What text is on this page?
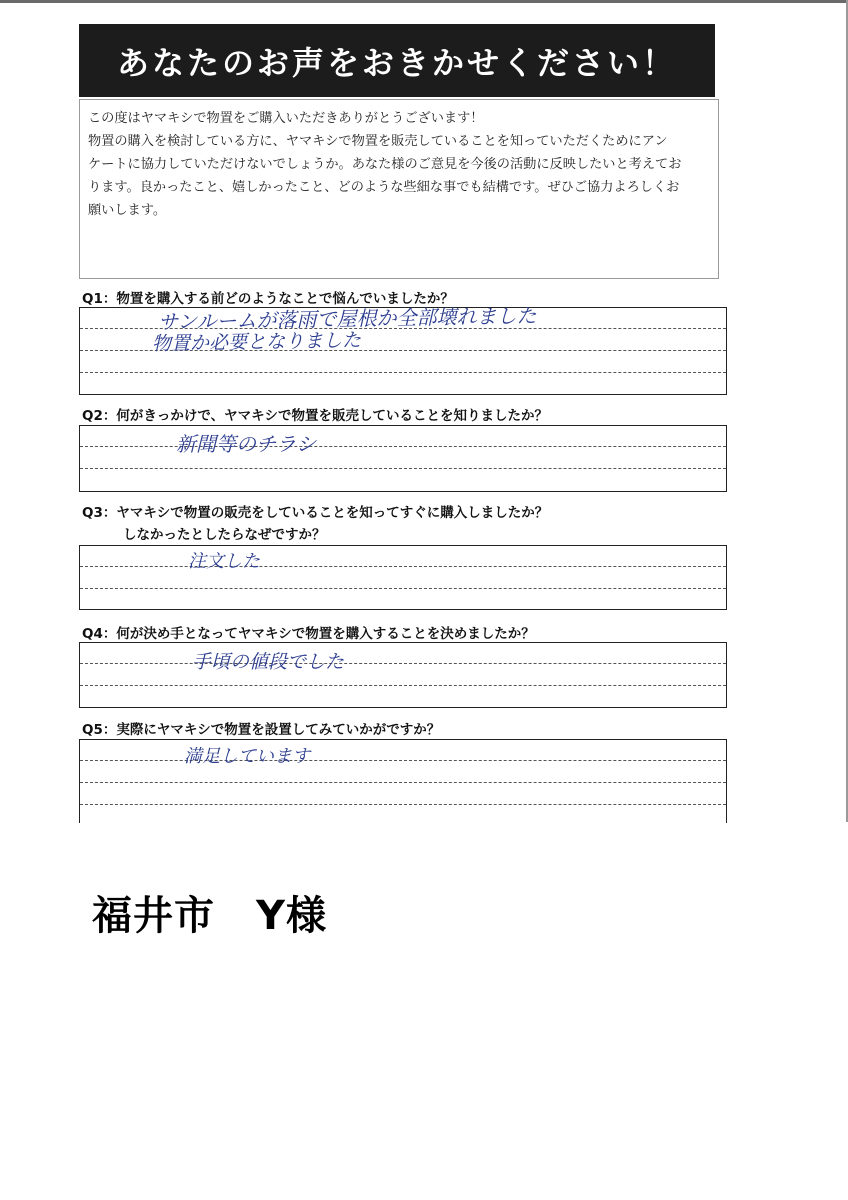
あなたのお声をおきかせください！
この度はヤマキシで物置をご購入いただきありがとうございます！
物置の購入を検討している方に、ヤマキシで物置を販売していることを知っていただくためにアン
ケートに協力していただけないでしょうか。あなた様のご意見を今後の活動に反映したいと考えてお
ります。良かったこと、嬉しかったこと、どのような些細な事でも結構です。ぜひご協力よろしくお
願いします。
Q1：物置を購入する前どのようなことで悩んでいましたか？
サンルームが落雨で屋根か全部壊れました
物置か必要となりました
Q2：何がきっかけで、ヤマキシで物置を販売していることを知りましたか？
新聞等のチラシ
Q3：ヤマキシで物置の販売をしていることを知ってすぐに購入しましたか？
しなかったとしたらなぜですか？
注文した
Q4：何が決め手となってヤマキシで物置を購入することを決めましたか？
手頃の値段でした
Q5：実際にヤマキシで物置を設置してみていかがですか？
満足しています
福井市　Y様
